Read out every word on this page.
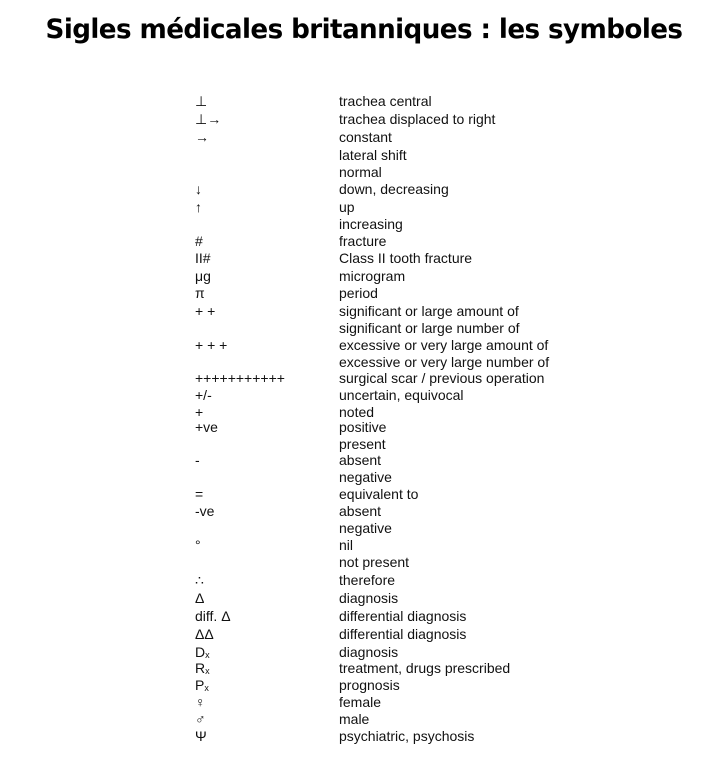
Sigles médicales britanniques : les symboles
⊥	trachea central
⊥→	trachea displaced to right
→	constant
lateral shift
normal
↓	down, decreasing
↑	up
increasing
#	fracture
II#	Class II tooth fracture
μg	microgram
π	period
+ +	significant or large amount of
significant or large number of
+ + +	excessive or very large amount of
excessive or very large number of
+++++++++++	surgical scar / previous operation
+/-	uncertain, equivocal
+	noted
+ve	positive
present
-	absent
negative
=	equivalent to
-ve	absent
negative
°	nil
not present
∴	therefore
Δ	diagnosis
diff. Δ	differential diagnosis
ΔΔ	differential diagnosis
Dx	diagnosis
Rx	treatment, drugs prescribed
Px	prognosis
♀	female
♂	male
Ψ	psychiatric, psychosis
